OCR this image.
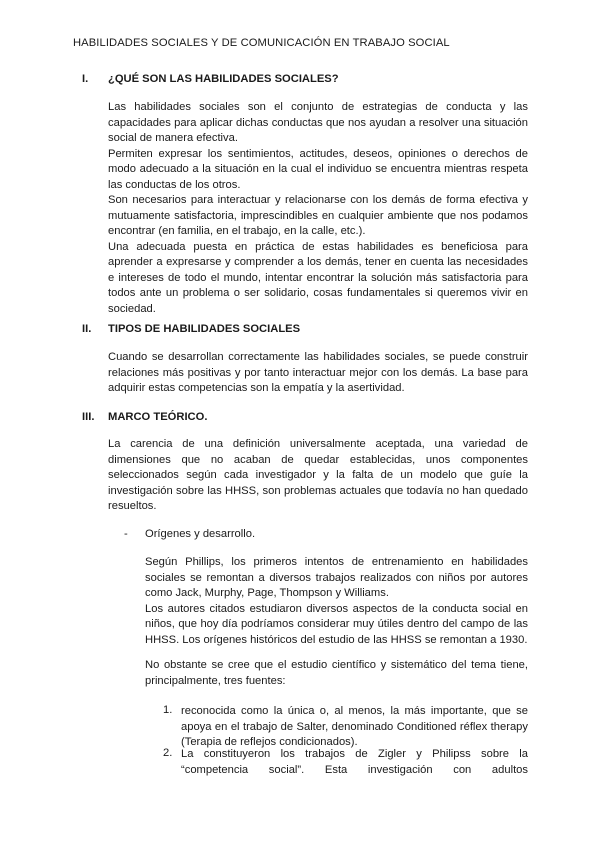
HABILIDADES SOCIALES Y DE COMUNICACIÓN EN TRABAJO SOCIAL
I. ¿QUÉ SON LAS HABILIDADES SOCIALES?

Las habilidades sociales son el conjunto de estrategias de conducta y las capacidades para aplicar dichas conductas que nos ayudan a resolver una situación social de manera efectiva.

Permiten expresar los sentimientos, actitudes, deseos, opiniones o derechos de modo adecuado a la situación en la cual el individuo se encuentra mientras respeta las conductas de los otros.

Son necesarios para interactuar y relacionarse con los demás de forma efectiva y mutuamente satisfactoria, imprescindibles en cualquier ambiente que nos podamos encontrar (en familia, en el trabajo, en la calle, etc.).

Una adecuada puesta en práctica de estas habilidades es beneficiosa para aprender a expresarse y comprender a los demás, tener en cuenta las necesidades e intereses de todo el mundo, intentar encontrar la solución más satisfactoria para todos ante un problema o ser solidario, cosas fundamentales si queremos vivir en sociedad.

II. TIPOS DE HABILIDADES SOCIALES

Cuando se desarrollan correctamente las habilidades sociales, se puede construir relaciones más positivas y por tanto interactuar mejor con los demás. La base para adquirir estas competencias son la empatía y la asertividad.

III. MARCO TEÓRICO.

La carencia de una definición universalmente aceptada, una variedad de dimensiones que no acaban de quedar establecidas, unos componentes seleccionados según cada investigador y la falta de un modelo que guíe la investigación sobre las HHSS, son problemas actuales que todavía no han quedado resueltos.

- Orígenes y desarrollo.

Según Phillips, los primeros intentos de entrenamiento en habilidades sociales se remontan a diversos trabajos realizados con niños por autores como Jack, Murphy, Page, Thompson y Williams.

Los autores citados estudiaron diversos aspectos de la conducta social en niños, que hoy día podríamos considerar muy útiles dentro del campo de las HHSS. Los orígenes históricos del estudio de las HHSS se remontan a 1930.

No obstante se cree que el estudio científico y sistemático del tema tiene, principalmente, tres fuentes:

1. reconocida como la única o, al menos, la más importante, que se apoya en el trabajo de Salter, denominado Conditioned réflex therapy (Terapia de reflejos condicionados).
2. La constituyeron los trabajos de Zigler y Philipss sobre la “competencia social”. Esta investigación con adultos
